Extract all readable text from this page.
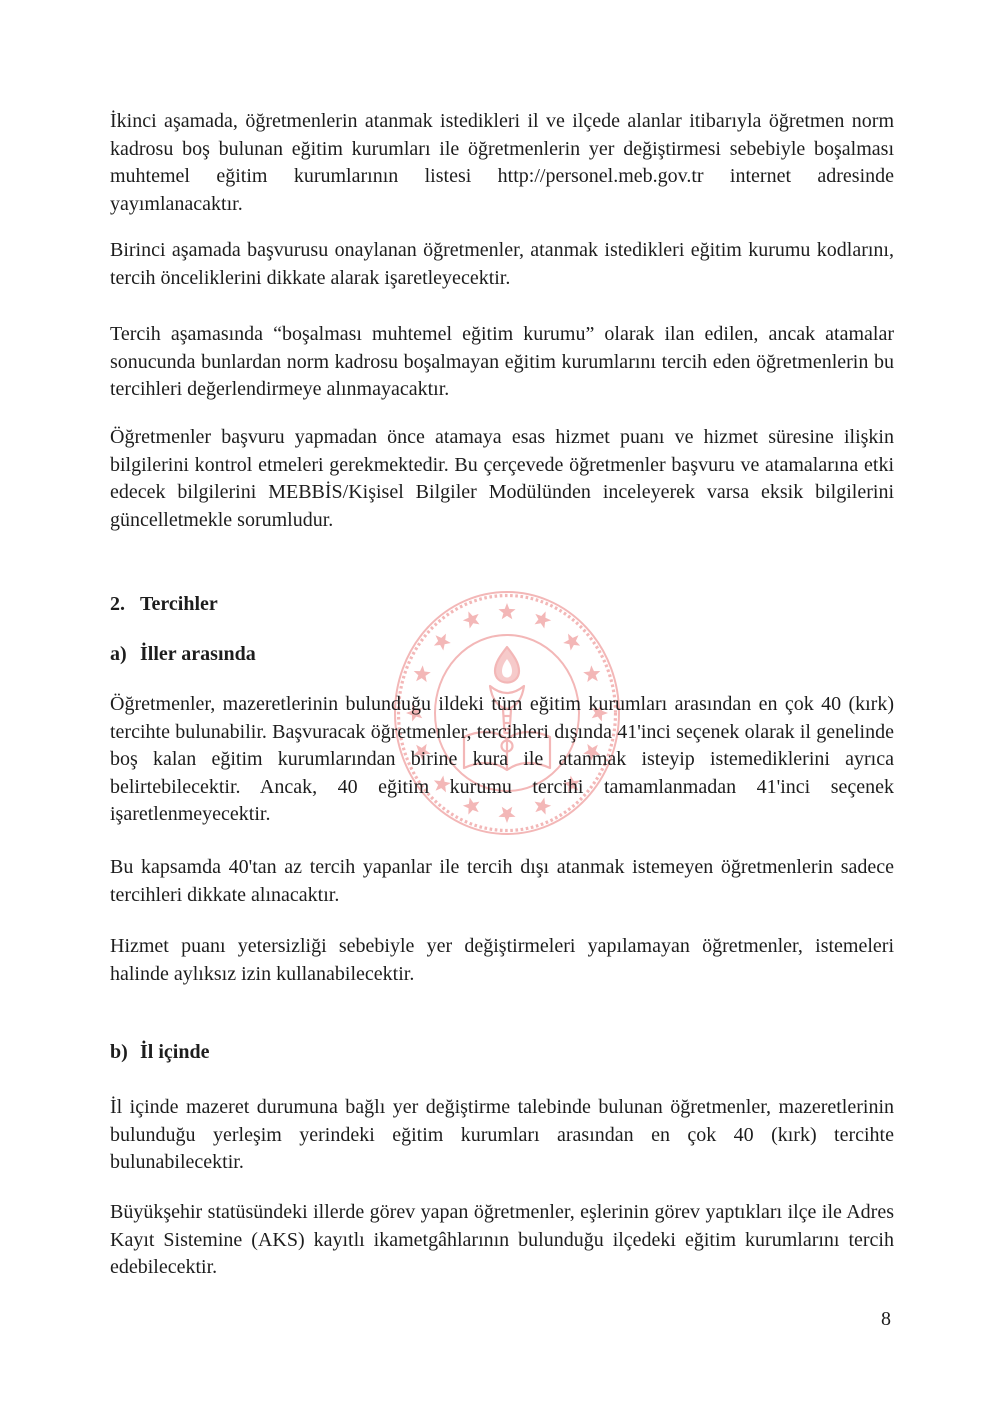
İkinci aşamada, öğretmenlerin atanmak istedikleri il ve ilçede alanlar itibarıyla öğretmen norm kadrosu boş bulunan eğitim kurumları ile öğretmenlerin yer değiştirmesi sebebiyle boşalması muhtemel eğitim kurumlarının listesi http://personel.meb.gov.tr internet adresinde yayımlanacaktır.

Birinci aşamada başvurusu onaylanan öğretmenler, atanmak istedikleri eğitim kurumu kodlarını, tercih önceliklerini dikkate alarak işaretleyecektir.

Tercih aşamasında “boşalması muhtemel eğitim kurumu” olarak ilan edilen, ancak atamalar sonucunda bunlardan norm kadrosu boşalmayan eğitim kurumlarını tercih eden öğretmenlerin bu tercihleri değerlendirmeye alınmayacaktır.

Öğretmenler başvuru yapmadan önce atamaya esas hizmet puanı ve hizmet süresine ilişkin bilgilerini kontrol etmeleri gerekmektedir. Bu çerçevede öğretmenler başvuru ve atamalarına etki edecek bilgilerini MEBBİS/Kişisel Bilgiler Modülünden inceleyerek varsa eksik bilgilerini güncelletmekle sorumludur.

2. Tercihler
a) İller arasında

Öğretmenler, mazeretlerinin bulunduğu ildeki tüm eğitim kurumları arasından en çok 40 (kırk) tercihte bulunabilir. Başvuracak öğretmenler, tercihleri dışında 41'inci seçenek olarak il genelinde boş kalan eğitim kurumlarından birine kura ile atanmak isteyip istemediklerini ayrıca belirtebilecektir. Ancak, 40 eğitim kurumu tercihi tamamlanmadan 41'inci seçenek işaretlenmeyecektir.

Bu kapsamda 40'tan az tercih yapanlar ile tercih dışı atanmak istemeyen öğretmenlerin sadece tercihleri dikkate alınacaktır.

Hizmet puanı yetersizliği sebebiyle yer değiştirmeleri yapılamayan öğretmenler, istemeleri halinde aylıksız izin kullanabilecektir.

b) İl içinde

İl içinde mazeret durumuna bağlı yer değiştirme talebinde bulunan öğretmenler, mazeretlerinin bulunduğu yerleşim yerindeki eğitim kurumları arasından en çok 40 (kırk) tercihte bulunabilecektir.

Büyükşehir statüsündeki illerde görev yapan öğretmenler, eşlerinin görev yaptıkları ilçe ile Adres Kayıt Sistemine (AKS) kayıtlı ikametgâhlarının bulunduğu ilçedeki eğitim kurumlarını tercih edebilecektir.

8
